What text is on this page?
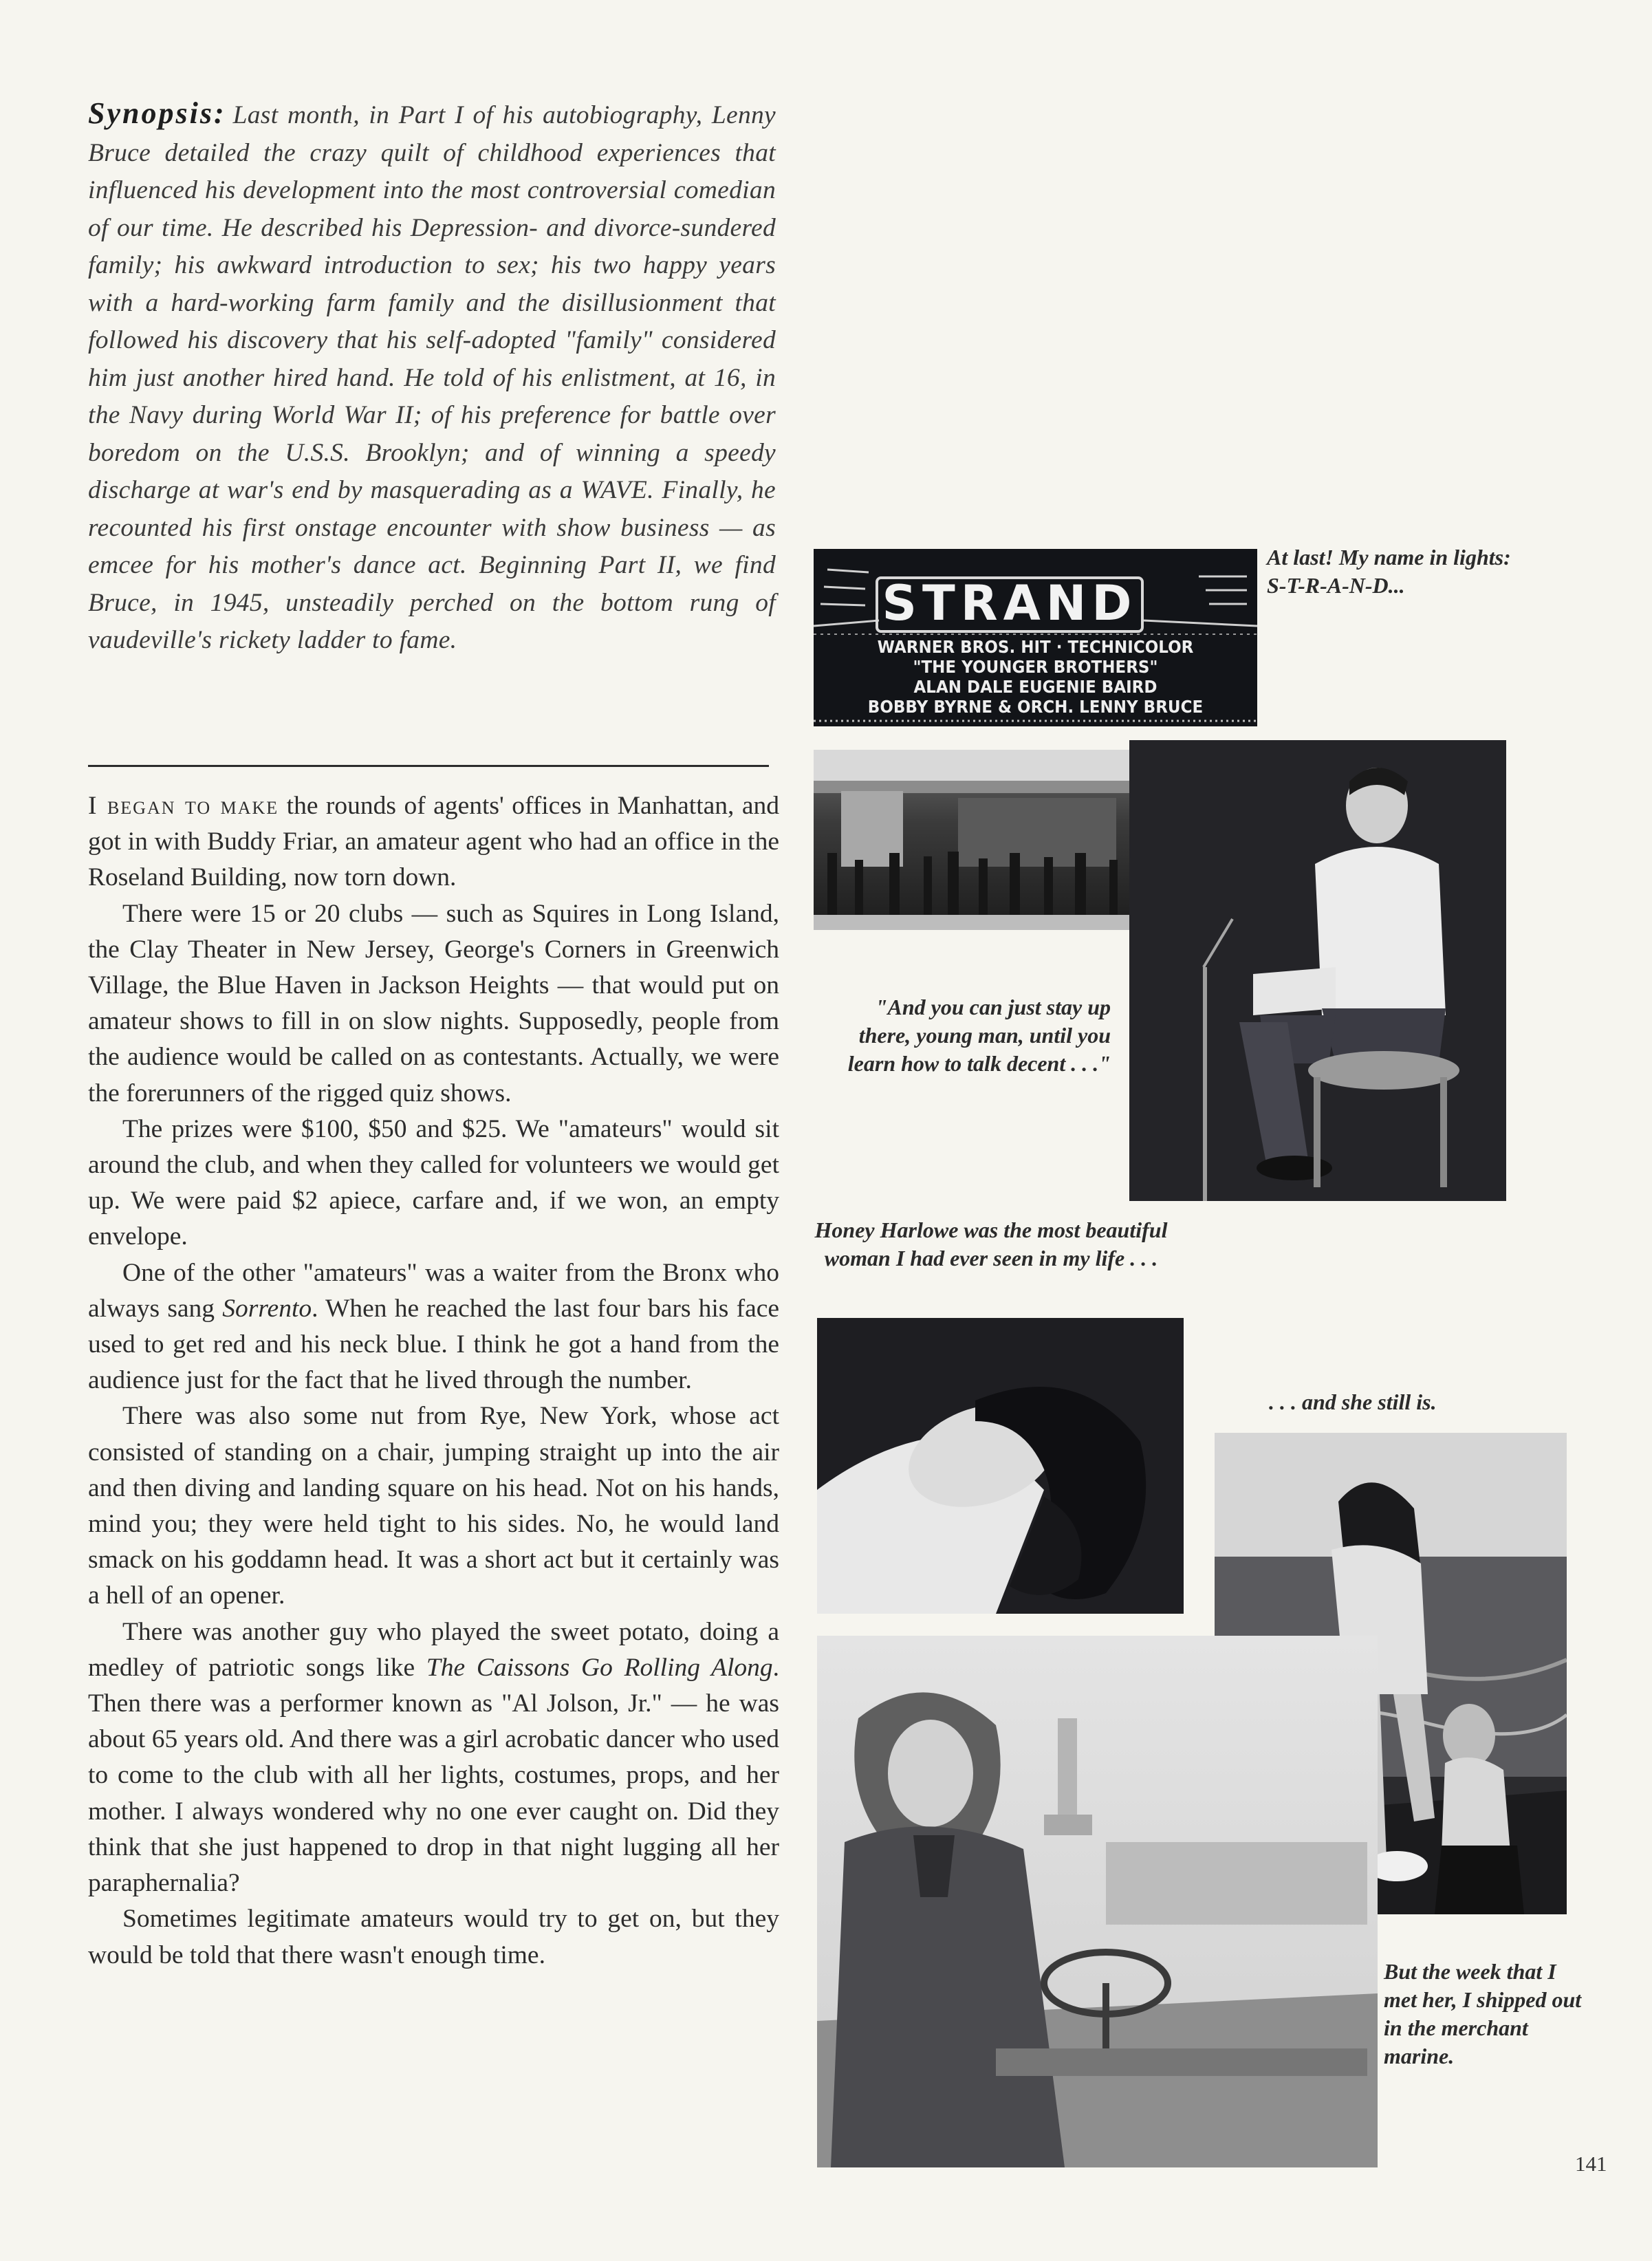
Synopsis: Last month, in Part I of his autobiography, Lenny Bruce detailed the crazy quilt of childhood experiences that influenced his development into the most controversial comedian of our time. He described his Depression- and divorce-sundered family; his awkward introduction to sex; his two happy years with a hard-working farm family and the disillusionment that followed his discovery that his self-adopted "family" considered him just another hired hand. He told of his enlistment, at 16, in the Navy during World War II; of his preference for battle over boredom on the U.S.S. Brooklyn; and of winning a speedy discharge at war's end by masquerading as a WAVE. Finally, he recounted his first onstage encounter with show business — as emcee for his mother's dance act. Beginning Part II, we find Bruce, in 1945, unsteadily perched on the bottom rung of vaudeville's rickety ladder to fame.

I began to make the rounds of agents' offices in Manhattan, and got in with Buddy Friar, an amateur agent who had an office in the Roseland Building, now torn down.

There were 15 or 20 clubs — such as Squires in Long Island, the Clay Theater in New Jersey, George's Corners in Greenwich Village, the Blue Haven in Jackson Heights — that would put on amateur shows to fill in on slow nights. Supposedly, people from the audience would be called on as contestants. Actually, we were the forerunners of the rigged quiz shows.

The prizes were $100, $50 and $25. We "amateurs" would sit around the club, and when they called for volunteers we would get up. We were paid $2 apiece, carfare and, if we won, an empty envelope.

One of the other "amateurs" was a waiter from the Bronx who always sang Sorrento. When he reached the last four bars his face used to get red and his neck blue. I think he got a hand from the audience just for the fact that he lived through the number.

There was also some nut from Rye, New York, whose act consisted of standing on a chair, jumping straight up into the air and then diving and landing square on his head. Not on his hands, mind you; they were held tight to his sides. No, he would land smack on his goddamn head. It was a short act but it certainly was a hell of an opener.

There was another guy who played the sweet potato, doing a medley of patriotic songs like The Caissons Go Rolling Along. Then there was a performer known as "Al Jolson, Jr." — he was about 65 years old. And there was a girl acrobatic dancer who used to come to the club with all her lights, costumes, props, and her mother. I always wondered why no one ever caught on. Did they think that she just happened to drop in that night lugging all her paraphernalia?

Sometimes legitimate amateurs would try to get on, but they would be told that there wasn't enough time.

STRAND
WARNER BROS. HIT · TECHNICOLOR
"THE YOUNGER BROTHERS"
ALAN DALE EUGENIE BAIRD
BOBBY BYRNE & ORCH. LENNY BRUCE
At last! My name in lights: S-T-R-A-N-D...
"And you can just stay up there, young man, until you learn how to talk decent . . ."
Honey Harlowe was the most beautiful woman I had ever seen in my life . . .
. . . and she still is.
But the week that I met her, I shipped out in the merchant marine.
141
